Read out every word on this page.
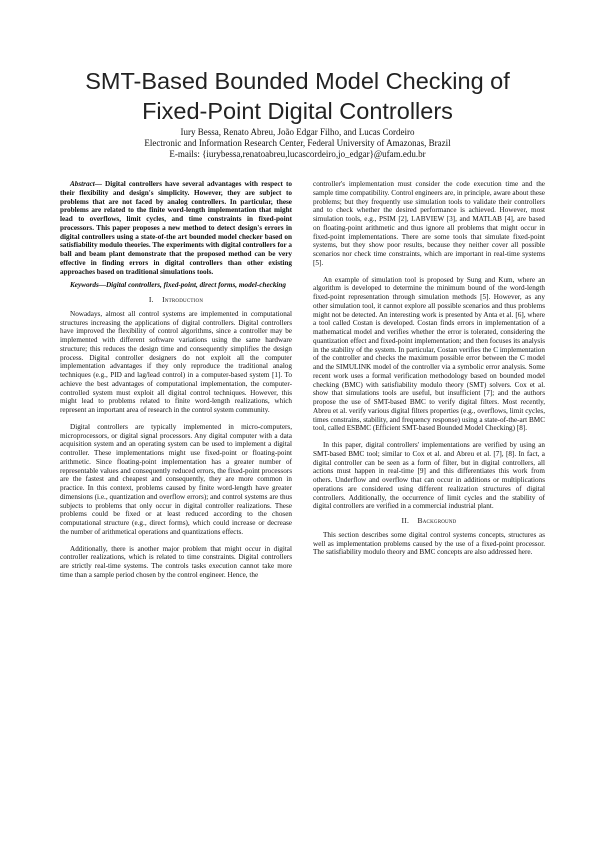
SMT-Based Bounded Model Checking of
Fixed-Point Digital Controllers
Iury Bessa, Renato Abreu, João Edgar Filho, and Lucas Cordeiro
Electronic and Information Research Center, Federal University of Amazonas, Brazil
E-mails: {iurybessa,renatoabreu,lucascordeiro,jo_edgar}@ufam.edu.br

Abstract— Digital controllers have several advantages with respect to their flexibility and design's simplicity. However, they are subject to problems that are not faced by analog controllers. In particular, these problems are related to the finite word-length implementation that might lead to overflows, limit cycles, and time constraints in fixed-point processors. This paper proposes a new method to detect design's errors in digital controllers using a state-of-the art bounded model checker based on satisfiability modulo theories. The experiments with digital controllers for a ball and beam plant demonstrate that the proposed method can be very effective in finding errors in digital controllers than other existing approaches based on traditional simulations tools.

Keywords—Digital controllers, fixed-point, direct forms, model-checking

I. Introduction

Nowadays, almost all control systems are implemented in computational structures increasing the applications of digital controllers. Digital controllers have improved the flexibility of control algorithms, since a controller may be implemented with different software variations using the same hardware structure; this reduces the design time and consequently simplifies the design process. Digital controller designers do not exploit all the computer implementation advantages if they only reproduce the traditional analog techniques (e.g., PID and lag/lead control) in a computer-based system [1]. To achieve the best advantages of computational implementation, the computer-controlled system must exploit all digital control techniques. However, this might lead to problems related to finite word-length realizations, which represent an important area of research in the control system community.

Digital controllers are typically implemented in micro-computers, microprocessors, or digital signal processors. Any digital computer with a data acquisition system and an operating system can be used to implement a digital controller. These implementations might use fixed-point or floating-point arithmetic. Since floating-point implementation has a greater number of representable values and consequently reduced errors, the fixed-point processors are the fastest and cheapest and consequently, they are more common in practice. In this context, problems caused by finite word-length have greater dimensions (i.e., quantization and overflow errors); and control systems are thus subjects to problems that only occur in digital controller realizations. These problems could be fixed or at least reduced according to the chosen computational structure (e.g., direct forms), which could increase or decrease the number of arithmetical operations and quantizations effects.

Additionally, there is another major problem that might occur in digital controller realizations, which is related to time constraints. Digital controllers are strictly real-time systems. The controls tasks execution cannot take more time than a sample period chosen by the control engineer. Hence, the

controller's implementation must consider the code execution time and the sample time compatibility. Control engineers are, in principle, aware about these problems; but they frequently use simulation tools to validate their controllers and to check whether the desired performance is achieved. However, most simulation tools, e.g., PSIM [2], LABVIEW [3], and MATLAB [4], are based on floating-point arithmetic and thus ignore all problems that might occur in fixed-point implementations. There are some tools that simulate fixed-point systems, but they show poor results, because they neither cover all possible scenarios nor check time constraints, which are important in real-time systems [5].

An example of simulation tool is proposed by Sung and Kum, where an algorithm is developed to determine the minimum bound of the word-length fixed-point representation through simulation methods [5]. However, as any other simulation tool, it cannot explore all possible scenarios and thus problems might not be detected. An interesting work is presented by Anta et al. [6], where a tool called Costan is developed. Costan finds errors in implementation of a mathematical model and verifies whether the error is tolerated, considering the quantization effect and fixed-point implementation; and then focuses its analysis in the stability of the system. In particular, Costan verifies the C implementation of the controller and checks the maximum possible error between the C model and the SIMULINK model of the controller via a symbolic error analysis. Some recent work uses a formal verification methodology based on bounded model checking (BMC) with satisfiability modulo theory (SMT) solvers. Cox et al. show that simulations tools are useful, but insufficient [7]; and the authors propose the use of SMT-based BMC to verify digital filters. Most recently, Abreu et al. verify various digital filters properties (e.g., overflows, limit cycles, times constrains, stability, and frequency response) using a state-of-the-art BMC tool, called ESBMC (Efficient SMT-based Bounded Model Checking) [8].

In this paper, digital controllers' implementations are verified by using an SMT-based BMC tool; similar to Cox et al. and Abreu et al. [7], [8]. In fact, a digital controller can be seen as a form of filter, but in digital controllers, all actions must happen in real-time [9] and this differentiates this work from others. Underflow and overflow that can occur in additions or multiplications operations are considered using different realization structures of digital controllers. Additionally, the occurrence of limit cycles and the stability of digital controllers are verified in a commercial industrial plant.

II. Background

This section describes some digital control systems concepts, structures as well as implementation problems caused by the use of a fixed-point processor. The satisfiability modulo theory and BMC concepts are also addressed here.
